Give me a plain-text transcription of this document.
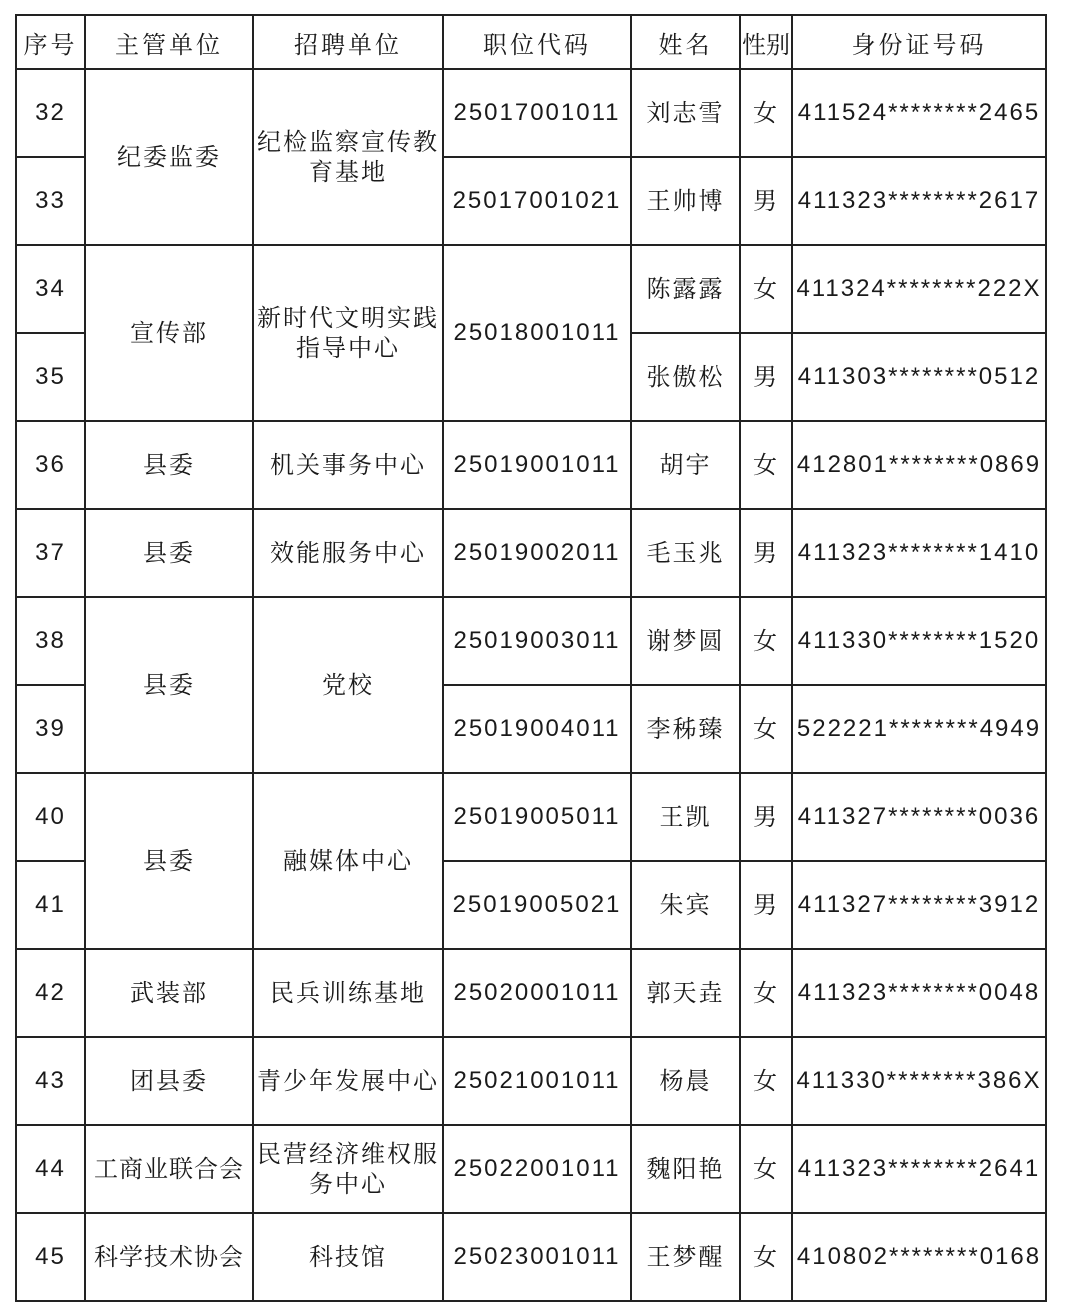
序号	主管单位	招聘单位	职位代码	姓名	性别	身份证号码
32	纪委监委	纪检监察宣传教育基地	25017001011	刘志雪	女	411524********2465
33			25017001021	王帅博	男	411323********2617
34	宣传部	新时代文明实践指导中心	25018001011	陈露露	女	411324********222X
35				张傲松	男	411303********0512
36	县委	机关事务中心	25019001011	胡宇	女	412801********0869
37	县委	效能服务中心	25019002011	毛玉兆	男	411323********1410
38	县委	党校	25019003011	谢梦圆	女	411330********1520
39			25019004011	李秭臻	女	522221********4949
40	县委	融媒体中心	25019005011	王凯	男	411327********0036
41			25019005021	朱宾	男	411327********3912
42	武装部	民兵训练基地	25020001011	郭天垚	女	411323********0048
43	团县委	青少年发展中心	25021001011	杨晨	女	411330********386X
44	工商业联合会	民营经济维权服务中心	25022001011	魏阳艳	女	411323********2641
45	科学技术协会	科技馆	25023001011	王梦醒	女	410802********0168
